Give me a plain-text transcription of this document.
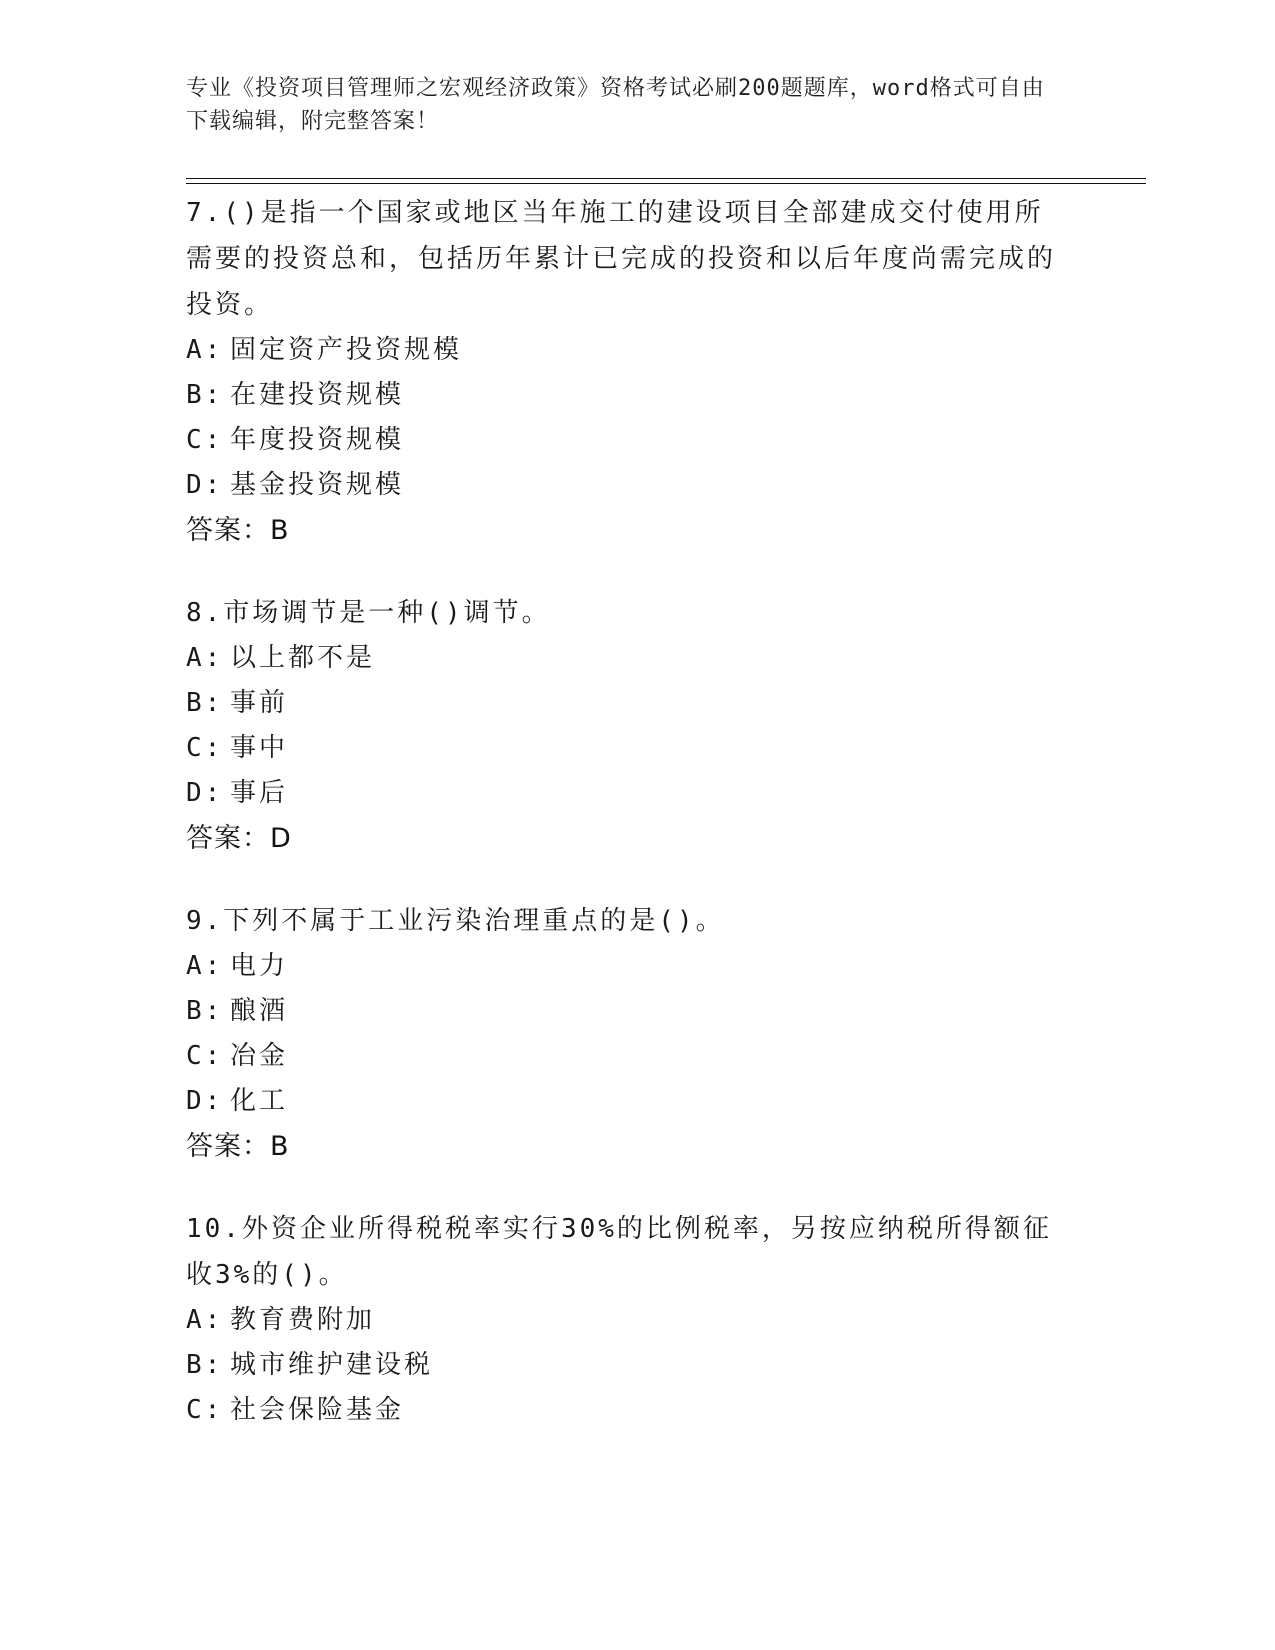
专业《投资项目管理师之宏观经济政策》资格考试必刷200题题库，word格式可自由下载编辑，附完整答案！

7.()是指一个国家或地区当年施工的建设项目全部建成交付使用所需要的投资总和，包括历年累计已完成的投资和以后年度尚需完成的投资。

A: 固定资产投资规模

B: 在建投资规模

C: 年度投资规模

D: 基金投资规模

答案：B

8.市场调节是一种()调节。

A: 以上都不是

B: 事前

C: 事中

D: 事后

答案：D

9.下列不属于工业污染治理重点的是()。

A: 电力

B: 酿酒

C: 冶金

D: 化工

答案：B

10.外资企业所得税税率实行30%的比例税率，另按应纳税所得额征收3%的()。

A: 教育费附加

B: 城市维护建设税

C: 社会保险基金
